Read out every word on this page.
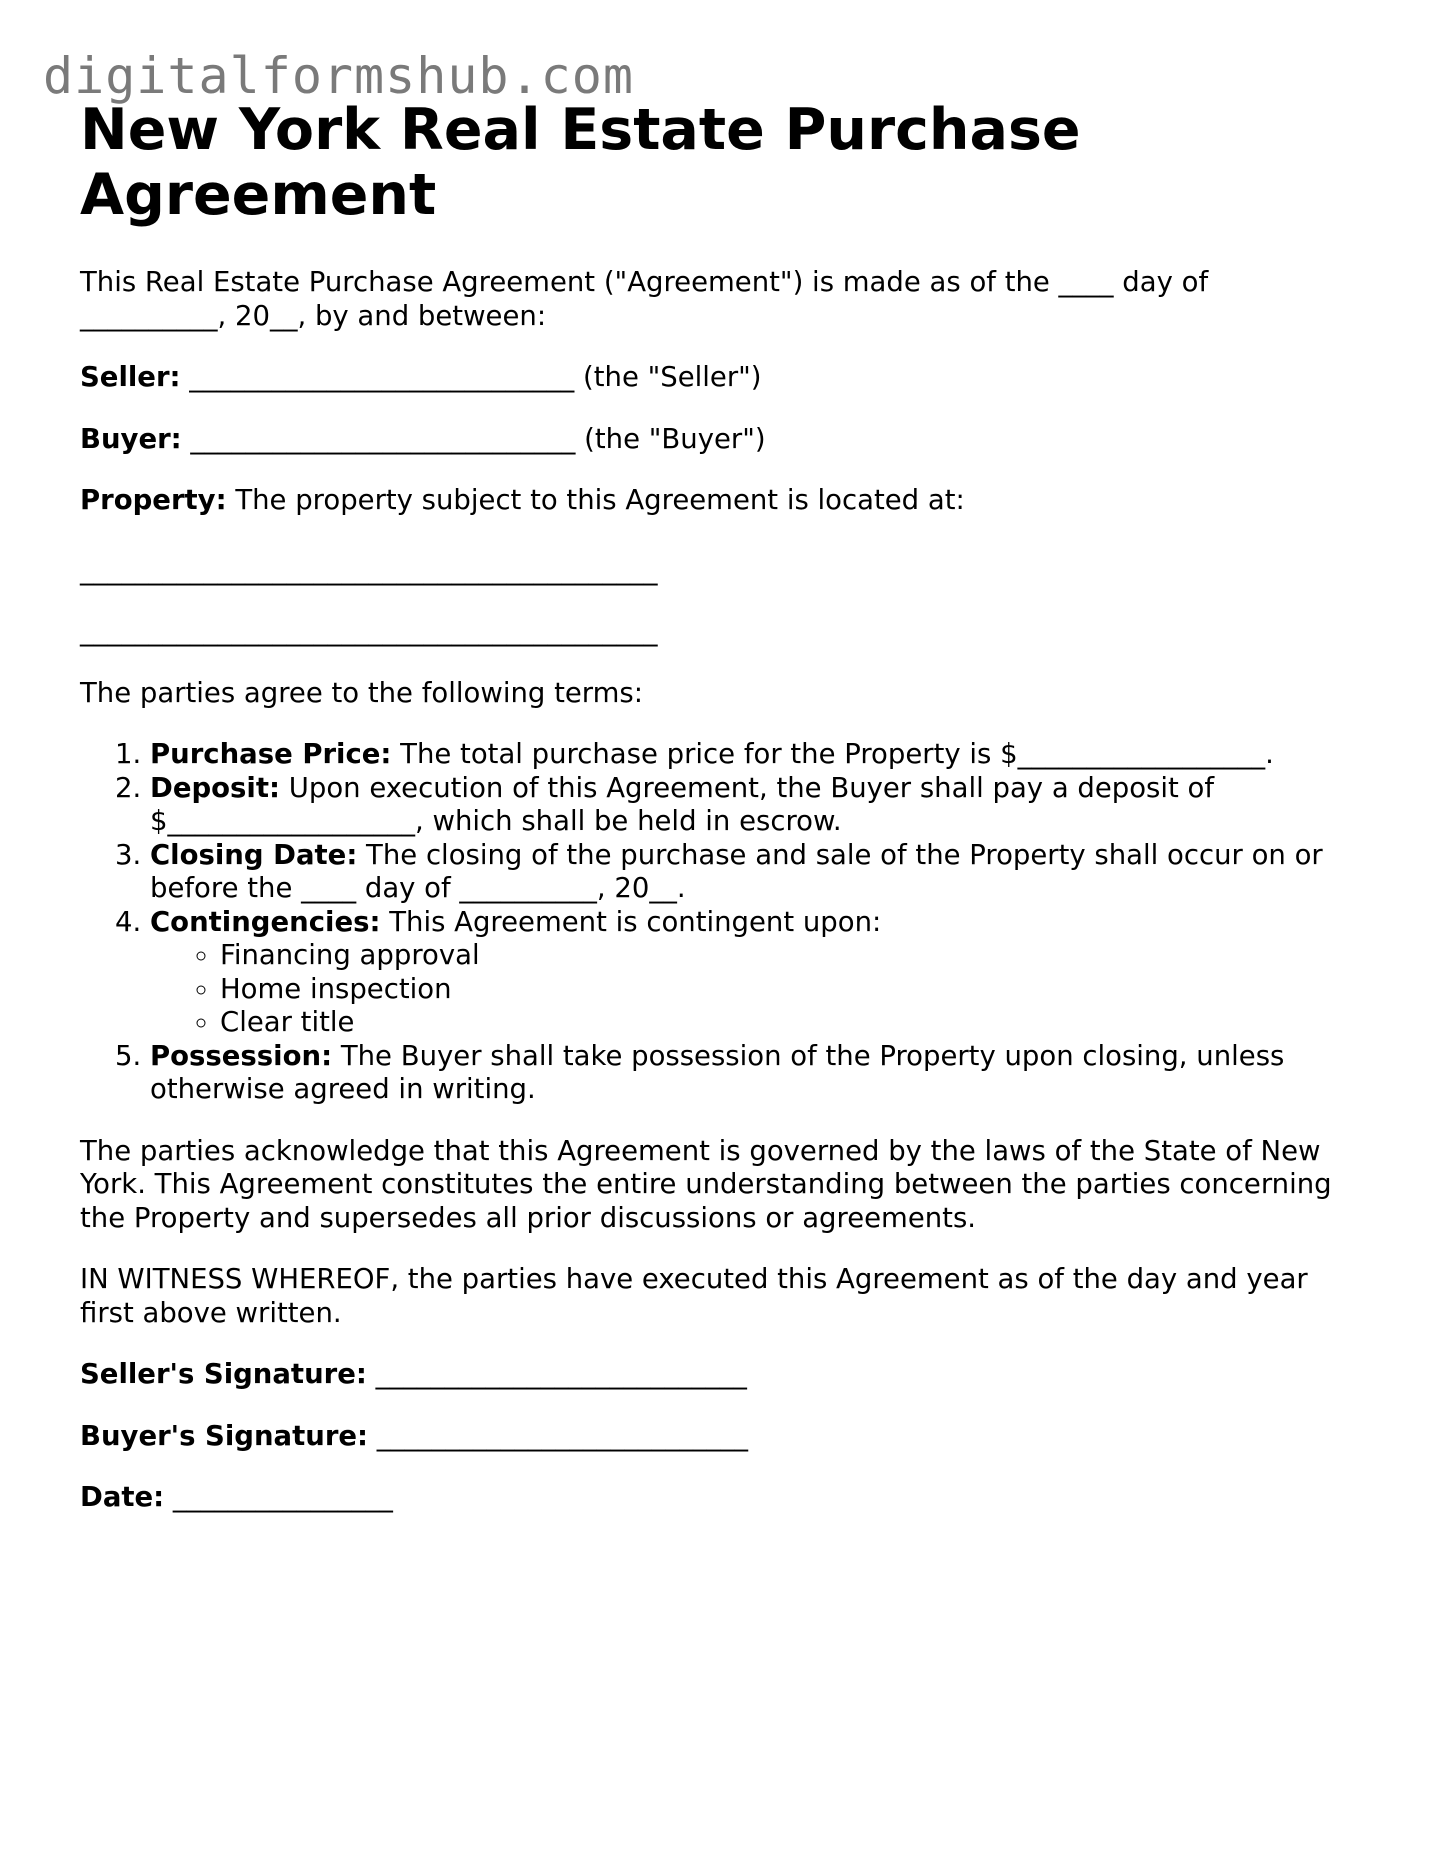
digitalformshub.com
New York Real Estate Purchase Agreement

This Real Estate Purchase Agreement ("Agreement") is made as of the ____ day of
__________, 20__, by and between:

Seller: ____________________________ (the "Seller")

Buyer: ____________________________ (the "Buyer")

Property: The property subject to this Agreement is located at:

__________________________________________
__________________________________________

The parties agree to the following terms:

1. Purchase Price: The total purchase price for the Property is $__________________.
2. Deposit: Upon execution of this Agreement, the Buyer shall pay a deposit of $__________________, which shall be held in escrow.
3. Closing Date: The closing of the purchase and sale of the Property shall occur on or before the ____ day of __________, 20__.
4. Contingencies: This Agreement is contingent upon:
◦ Financing approval
◦ Home inspection
◦ Clear title
5. Possession: The Buyer shall take possession of the Property upon closing, unless otherwise agreed in writing.

The parties acknowledge that this Agreement is governed by the laws of the State of New York. This Agreement constitutes the entire understanding between the parties concerning the Property and supersedes all prior discussions or agreements.

IN WITNESS WHEREOF, the parties have executed this Agreement as of the day and year first above written.

Seller's Signature: ___________________________

Buyer's Signature: ___________________________

Date: ________________
